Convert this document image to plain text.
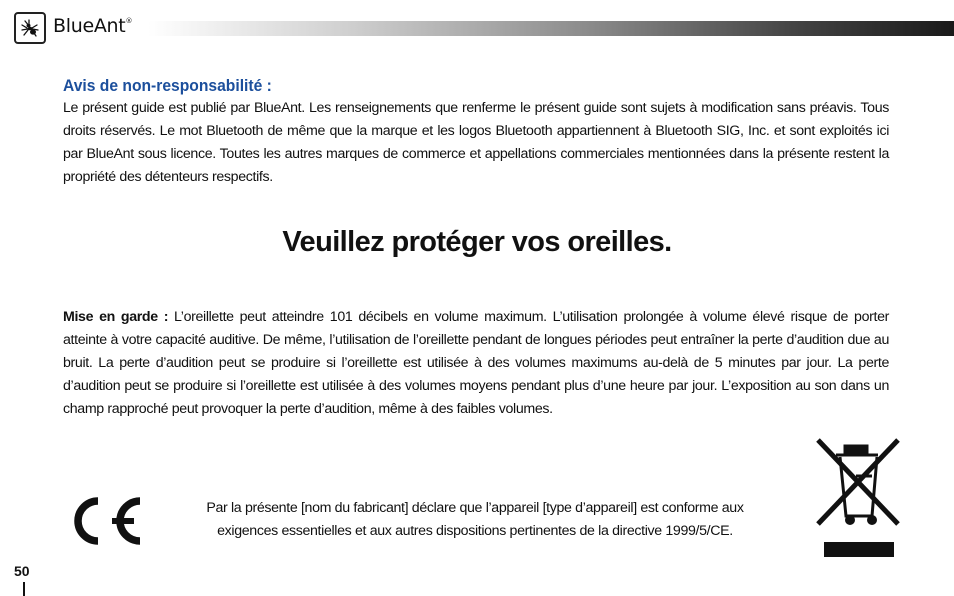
BlueAnt®
Avis de non-responsabilité :

Le présent guide est publié par BlueAnt. Les renseignements que renferme le présent guide sont sujets à modification sans préavis. Tous droits réservés. Le mot Bluetooth de même que la marque et les logos Bluetooth appartiennent à Bluetooth SIG, Inc. et sont exploités ici par BlueAnt sous licence. Toutes les autres marques de commerce et appellations commerciales mentionnées dans la présente restent la propriété des détenteurs respectifs.

Veuillez protéger vos oreilles.

Mise en garde : L’oreillette peut atteindre 101 décibels en volume maximum. L’utilisation prolongée à volume élevé risque de porter atteinte à votre capacité auditive. De même, l’utilisation de l’oreillette pendant de longues périodes peut entraîner la perte d’audition due au bruit. La perte d’audition peut se produire si l’oreillette est utilisée à des volumes maximums au-delà de 5 minutes par jour. La perte d’audition peut se produire si l’oreillette est utilisée à des volumes moyens pendant plus d’une heure par jour. L’exposition au son dans un champ rapproché peut provoquer la perte d’audition, même à des faibles volumes.

Par la présente [nom du fabricant] déclare que l’appareil [type d’appareil] est conforme aux
exigences essentielles et aux autres dispositions pertinentes de la directive 1999/5/CE.

50
